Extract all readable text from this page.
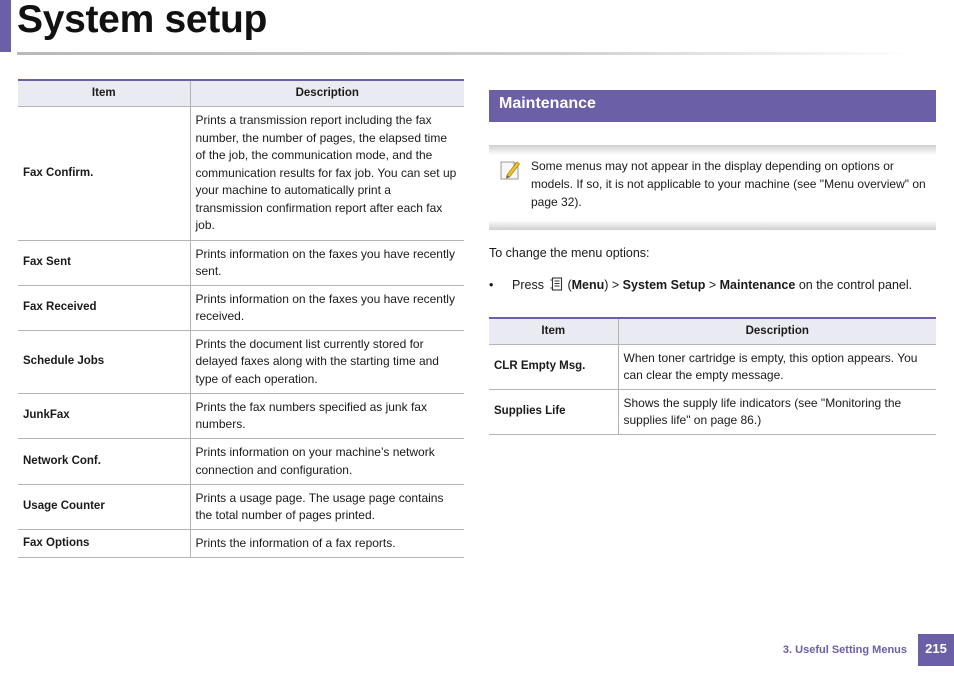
System setup
Item	Description
Fax Confirm.	Prints a transmission report including the fax number, the number of pages, the elapsed time of the job, the communication mode, and the communication results for fax job. You can set up your machine to automatically print a transmission confirmation report after each fax job.
Fax Sent	Prints information on the faxes you have recently sent.
Fax Received	Prints information on the faxes you have recently received.
Schedule Jobs	Prints the document list currently stored for delayed faxes along with the starting time and type of each operation.
JunkFax	Prints the fax numbers specified as junk fax numbers.
Network Conf.	Prints information on your machine’s network connection and configuration.
Usage Counter	Prints a usage page. The usage page contains the total number of pages printed.
Fax Options	Prints the information of a fax reports.
Maintenance
Some menus may not appear in the display depending on options or models. If so, it is not applicable to your machine (see "Menu overview" on page 32).
To change the menu options:
• Press (Menu) > System Setup > Maintenance on the control panel.
Item	Description
CLR Empty Msg.	When toner cartridge is empty, this option appears. You can clear the empty message.
Supplies Life	Shows the supply life indicators (see "Monitoring the supplies life" on page 86.)
3. Useful Setting Menus	215
